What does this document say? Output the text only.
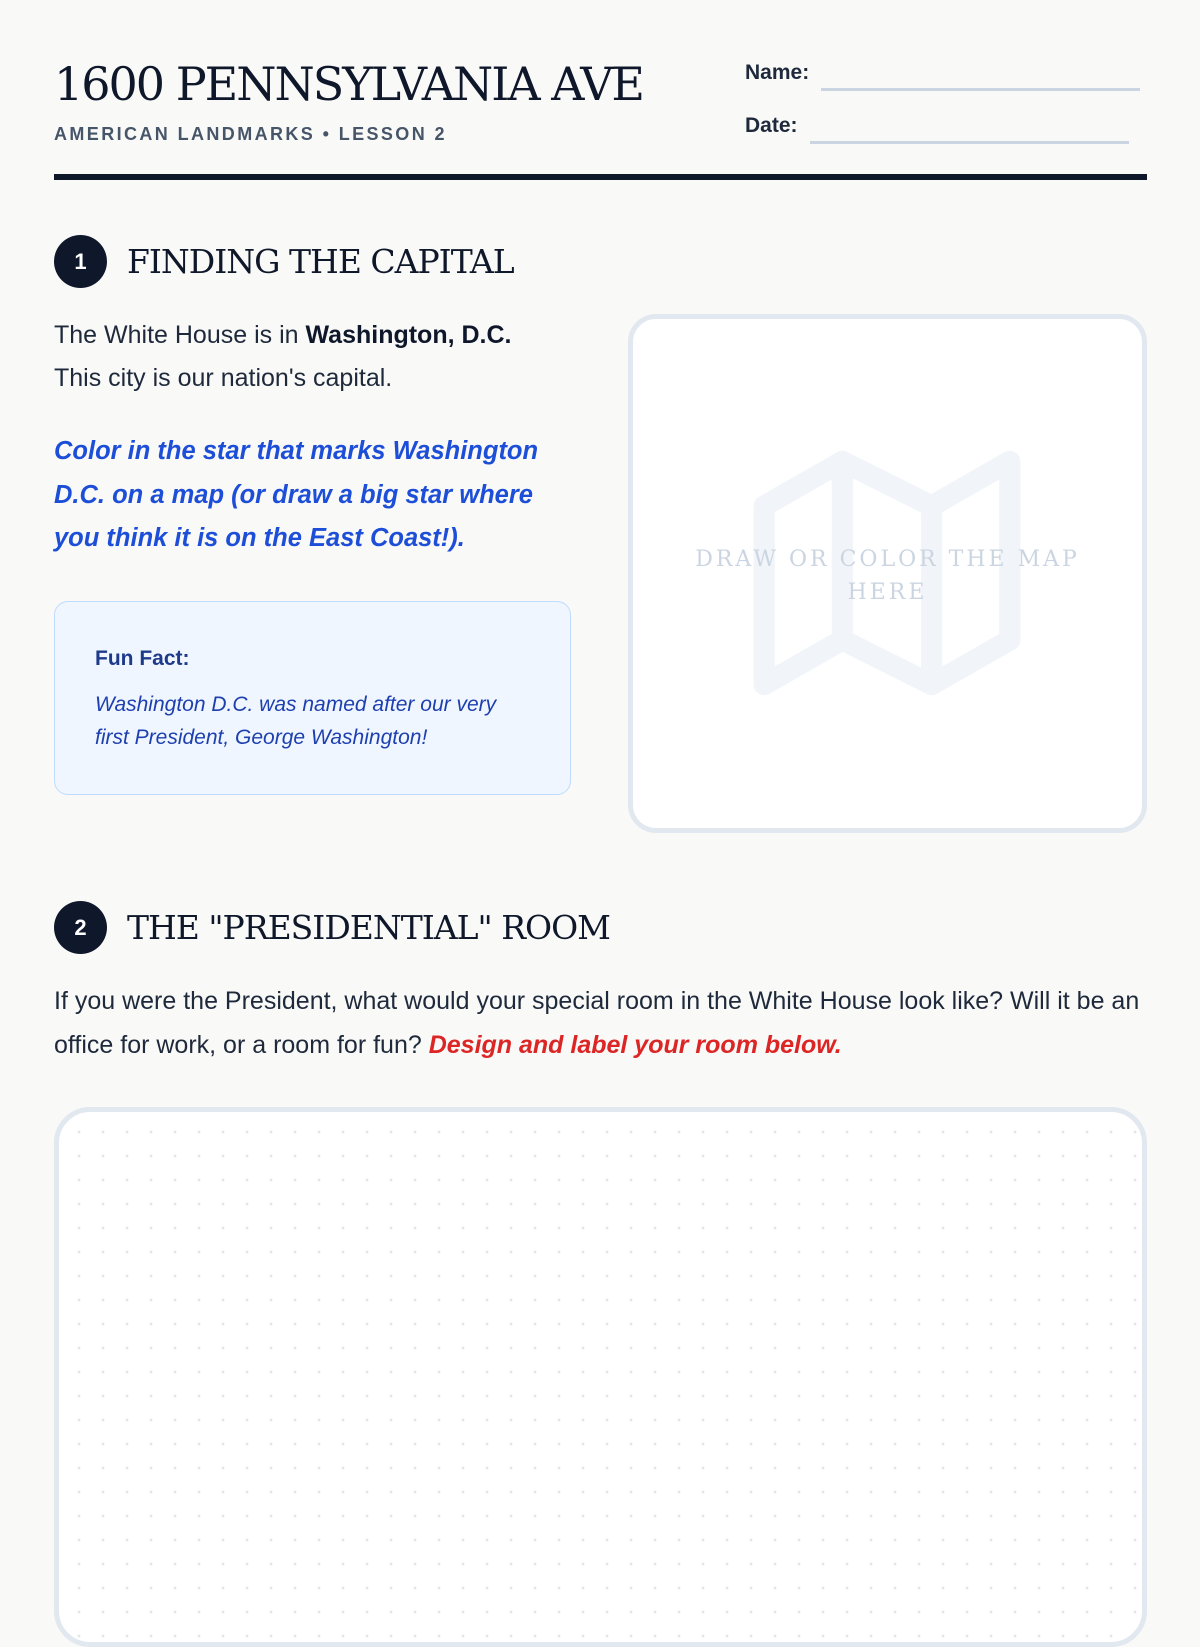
1600 PENNSYLVANIA AVE
AMERICAN LANDMARKS • LESSON 2
Name:
Date:
1	FINDING THE CAPITAL

The White House is in Washington, D.C.
This city is our nation's capital.

Color in the star that marks Washington D.C. on a map (or draw a big star where you think it is on the East Coast!).

Fun Fact:
Washington D.C. was named after our very first President, George Washington!
DRAW OR COLOR THE MAP HERE
2	THE "PRESIDENTIAL" ROOM

If you were the President, what would your special room in the White House look like? Will it be an office for work, or a room for fun? Design and label your room below.
